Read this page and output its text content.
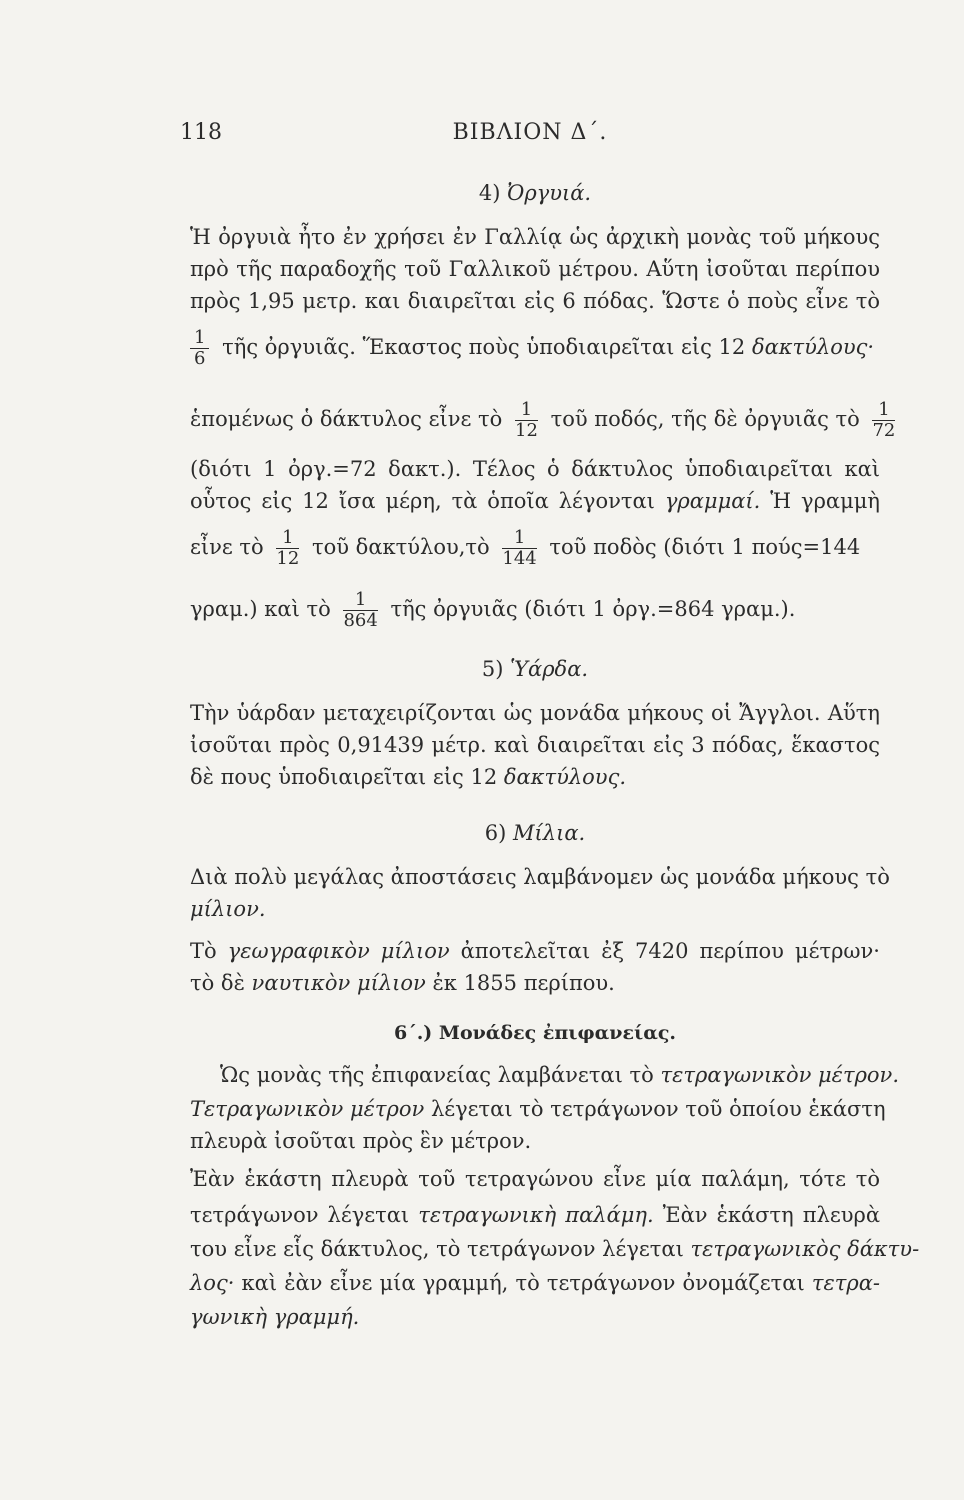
118	ΒΙΒΛΙΟΝ Δ΄.
4) Ὀργυιά.
Ἡ ὀργυιὰ ἦτο ἐν χρήσει ἐν Γαλλίᾳ ὡς ἀρχικὴ μονὰς τοῦ μήκους
πρὸ τῆς παραδοχῆς τοῦ Γαλλικοῦ μέτρου. Αὕτη ἰσοῦται περίπου
πρὸς 1,95 μετρ. και διαιρεῖται εἰς 6 πόδας. Ὥστε ὁ ποὺς εἶνε τὸ
$\frac{1}{6}$ τῆς ὀργυιᾶς. Ἕκαστος ποὺς ὑποδιαιρεῖται εἰς 12 δακτύλους·
ἑπομένως ὁ δάκτυλος εἶνε τὸ $\frac{1}{12}$ τοῦ ποδός, τῆς δὲ ὀργυιᾶς τὸ $\frac{1}{72}$
(διότι 1 ὀργ.=72 δακτ.). Τέλος ὁ δάκτυλος ὑποδιαιρεῖται καὶ
οὗτος εἰς 12 ἴσα μέρη, τὰ ὁποῖα λέγονται γραμμαί. Ἡ γραμμὴ
εἶνε τὸ $\frac{1}{12}$ τοῦ δακτύλου,τὸ $\frac{1}{144}$ τοῦ ποδὸς (διότι 1 πούς=144
γραμ.) καὶ τὸ $\frac{1}{864}$ τῆς ὀργυιᾶς (διότι 1 ὀργ.=864 γραμ.).
5) Ὑάρδα.
Τὴν ὑάρδαν μεταχειρίζονται ὡς μονάδα μήκους οἱ Ἄγγλοι. Αὕτη
ἰσοῦται πρὸς 0,91439 μέτρ. καὶ διαιρεῖται εἰς 3 πόδας, ἕκαστος
δὲ πους ὑποδιαιρεῖται εἰς 12 δακτύλους.
6) Μίλια.
Διὰ πολὺ μεγάλας ἀποστάσεις λαμβάνομεν ὡς μονάδα μήκους τὸ
μίλιον.
Τὸ γεωγραφικὸν μίλιον ἀποτελεῖται ἐξ 7420 περίπου μέτρων·
τὸ δὲ ναυτικὸν μίλιον ἐκ 1855 περίπου.
6΄.) Μονάδες ἐπιφανείας.
Ὡς μονὰς τῆς ἐπιφανείας λαμβάνεται τὸ τετραγωνικὸν μέτρον.
Τετραγωνικὸν μέτρον λέγεται τὸ τετράγωνον τοῦ ὁποίου ἑκάστη
πλευρὰ ἰσοῦται πρὸς ἓν μέτρον.
Ἐὰν ἑκάστη πλευρὰ τοῦ τετραγώνου εἶνε μία παλάμη, τότε τὸ
τετράγωνον λέγεται τετραγωνικὴ παλάμη. Ἐὰν ἑκάστη πλευρὰ
του εἶνε εἷς δάκτυλος, τὸ τετράγωνον λέγεται τετραγωνικὸς δάκτυ-
λος· καὶ ἐὰν εἶνε μία γραμμή, τὸ τετράγωνον ὀνομάζεται τετρα-
γωνικὴ γραμμή.
